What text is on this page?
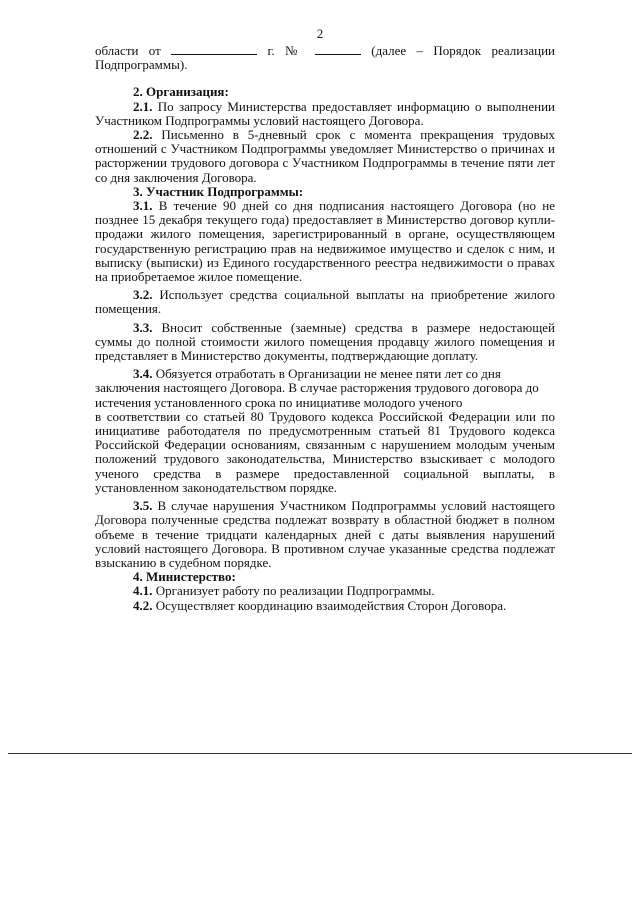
2

области от	г. №	(далее – Порядок реализации Подпрограммы).

2. Организация:

2.1. По запросу Министерства предоставляет информацию о выполнении Участником Подпрограммы условий настоящего Договора.

2.2. Письменно в 5-дневный срок с момента прекращения трудовых отношений с Участником Подпрограммы уведомляет Министерство о причинах и расторжении трудового договора с Участником Подпрограммы в течение пяти лет со дня заключения Договора.

3. Участник Подпрограммы:

3.1. В течение 90 дней со дня подписания настоящего Договора (но не позднее 15 декабря текущего года) предоставляет в Министерство договор купли-продажи жилого помещения, зарегистрированный в органе, осуществляющем государственную регистрацию прав на недвижимое имущество и сделок с ним, и выписку (выписки) из Единого государственного реестра недвижимости о правах на приобретаемое жилое помещение.

3.2. Использует средства социальной выплаты на приобретение жилого помещения.

3.3. Вносит собственные (заемные) средства в размере недостающей суммы до полной стоимости жилого помещения продавцу жилого помещения и представляет в Министерство документы, подтверждающие доплату.

3.4. Обязуется отработать в Организации не менее пяти лет со дня заключения настоящего Договора. В случае расторжения трудового договора до истечения установленного срока по инициативе молодого ученого

в соответствии со статьей 80 Трудового кодекса Российской Федерации или по инициативе работодателя по предусмотренным статьей 81 Трудового кодекса Российской Федерации основаниям, связанным с нарушением молодым ученым положений трудового законодательства, Министерство взыскивает с молодого ученого средства в размере предоставленной социальной выплаты, в установленном законодательством порядке.

3.5. В случае нарушения Участником Подпрограммы условий настоящего Договора полученные средства подлежат возврату в областной бюджет в полном объеме в течение тридцати календарных дней с даты выявления нарушений условий настоящего Договора. В противном случае указанные средства подлежат взысканию в судебном порядке.

4. Министерство:

4.1. Организует работу по реализации Подпрограммы.

4.2. Осуществляет координацию взаимодействия Сторон Договора.
